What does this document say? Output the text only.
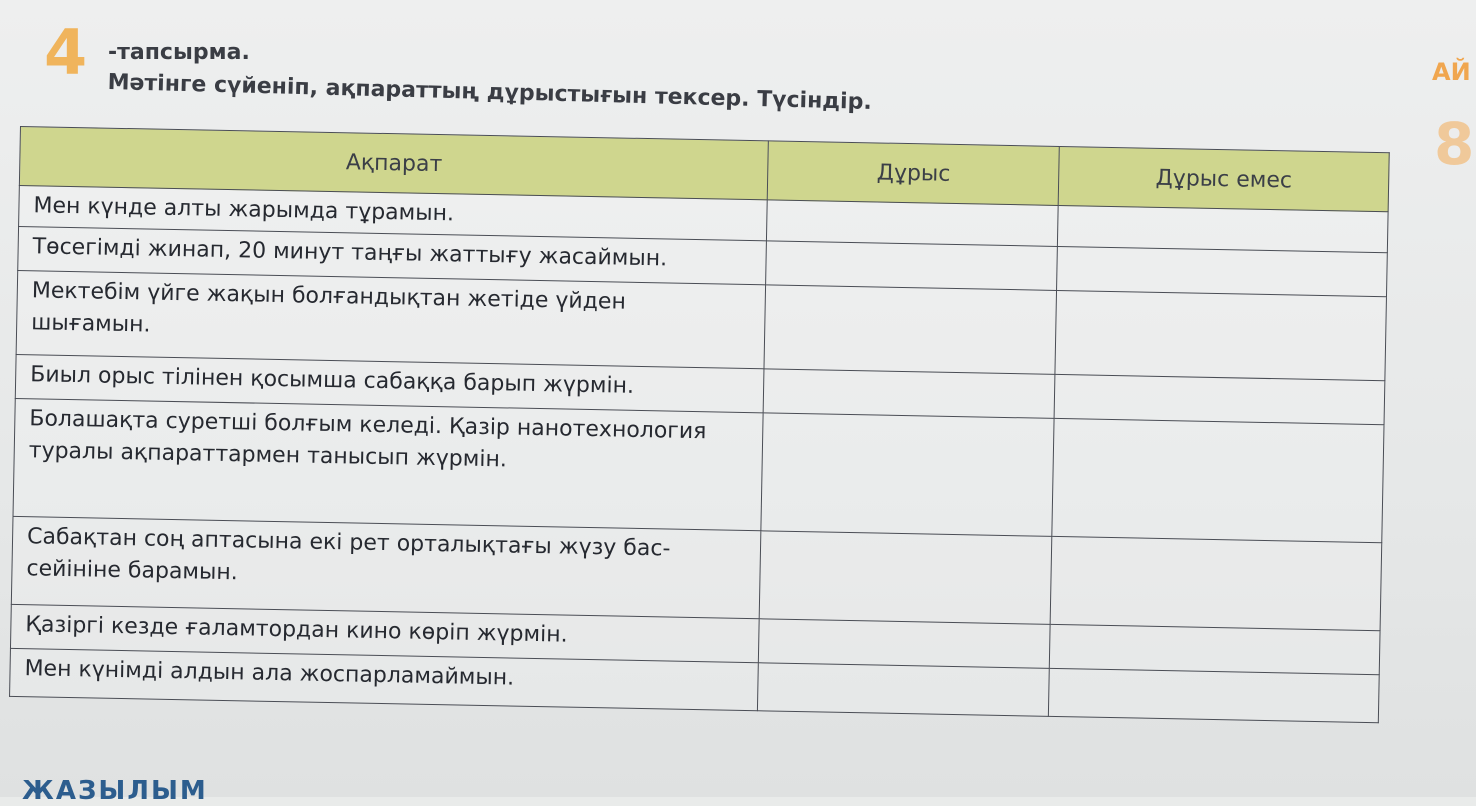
4 -тапсырма.
Мәтінге сүйеніп, ақпараттың дұрыстығын тексер. Түсіндір.	АЙ
8
Ақпарат	Дұрыс	Дұрыс емес
Мен күнде алты жарымда тұрамын.		
Төсегімді жинап, 20 минут таңғы жаттығу жасаймын.		
Мектебім үйге жақын болғандықтан жетіде үйден шығамын.		
Биыл орыс тілінен қосымша сабаққа барып жүрмін.		
Болашақта суретші болғым келеді. Қазір нанотехнология туралы ақпараттармен танысып жүрмін.		
Сабақтан соң аптасына екі рет орталықтағы жүзу бас-сейініне барамын.		
Қазіргі кезде ғаламтордан кино көріп жүрмін.		
Мен күнімді алдын ала жоспарламаймын.		
ЖАЗЫЛЫМ
